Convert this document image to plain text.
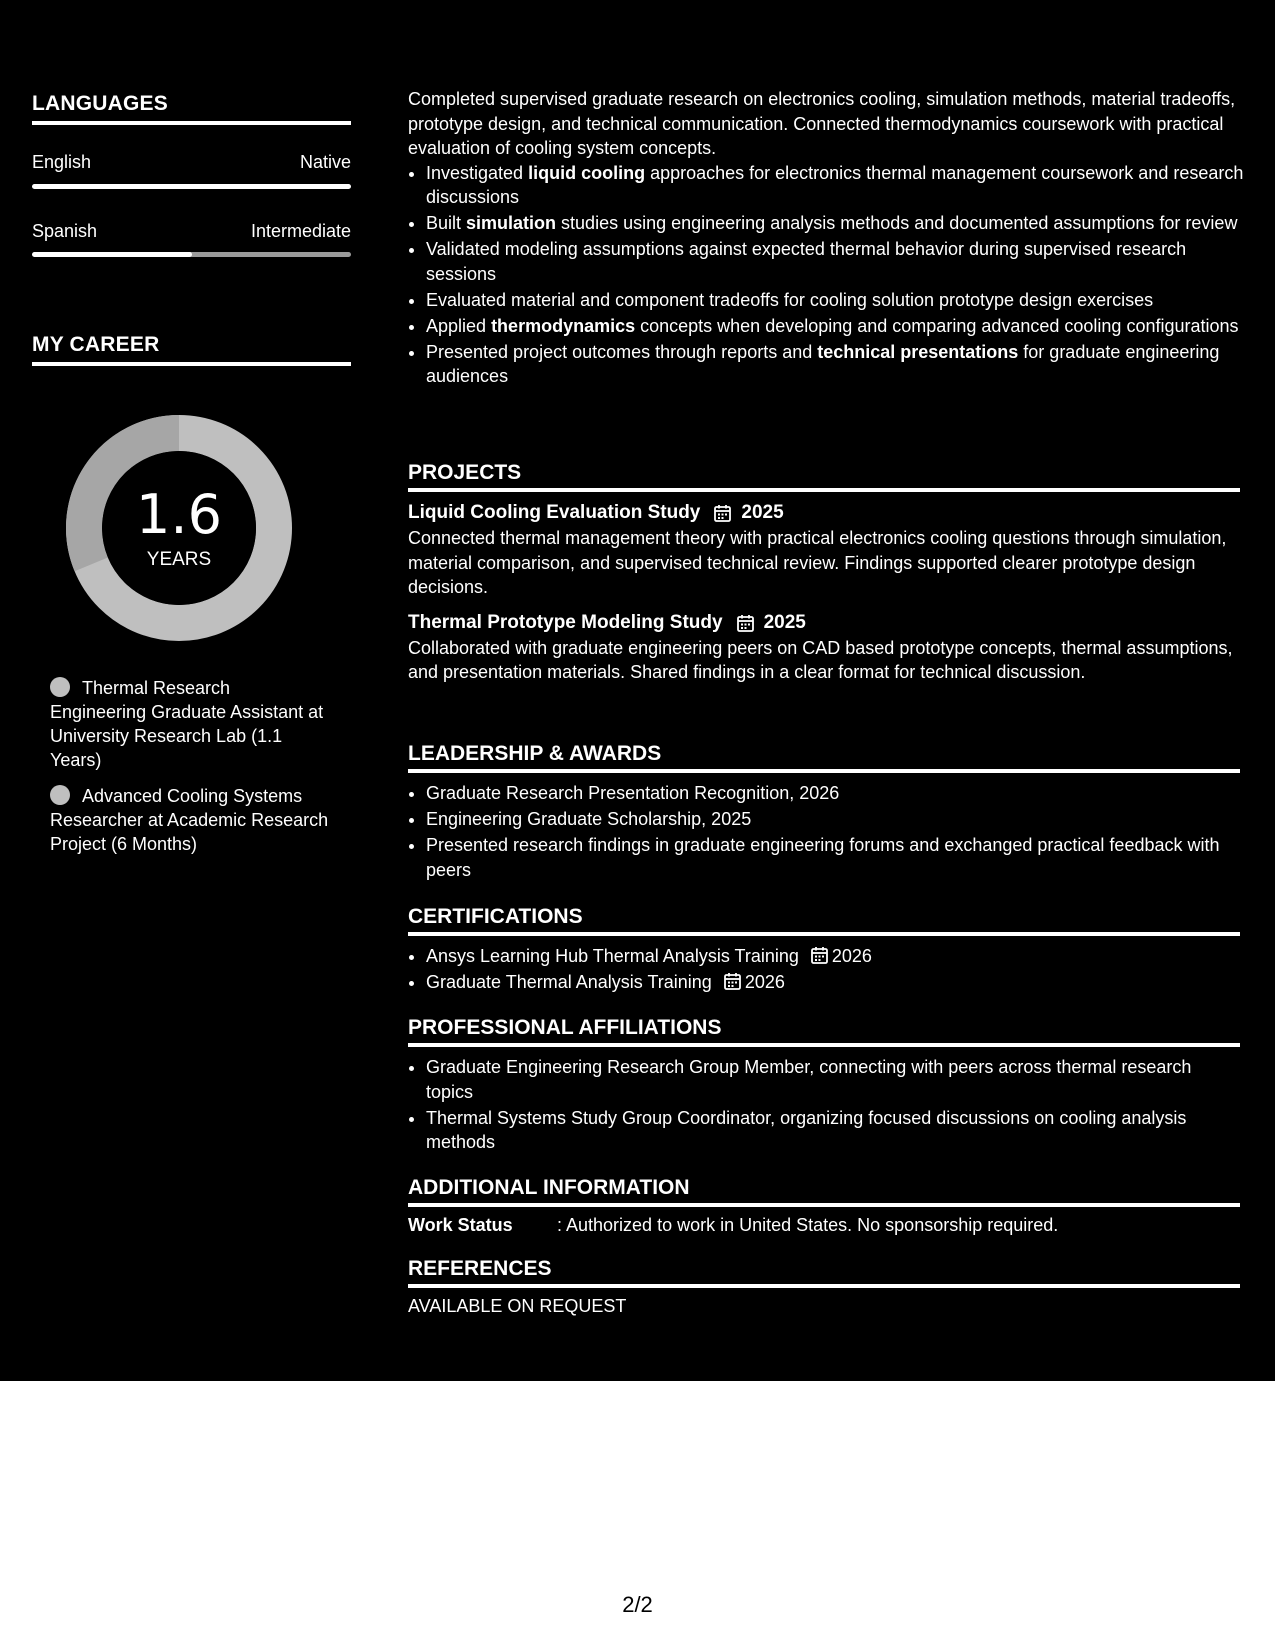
LANGUAGES
English	Native
Spanish	Intermediate
MY CAREER
1.6
YEARS
Thermal Research Engineering Graduate Assistant at University Research Lab (1.1 Years)
Advanced Cooling Systems Researcher at Academic Research Project (6 Months)

Completed supervised graduate research on electronics cooling, simulation methods, material tradeoffs, prototype design, and technical communication. Connected thermodynamics coursework with practical evaluation of cooling system concepts.

• Investigated liquid cooling approaches for electronics thermal management coursework and research discussions
• Built simulation studies using engineering analysis methods and documented assumptions for review
• Validated modeling assumptions against expected thermal behavior during supervised research sessions
• Evaluated material and component tradeoffs for cooling solution prototype design exercises
• Applied thermodynamics concepts when developing and comparing advanced cooling configurations
• Presented project outcomes through reports and technical presentations for graduate engineering audiences
PROJECTS
Liquid Cooling Evaluation Study 2025

Connected thermal management theory with practical electronics cooling questions through simulation, material comparison, and supervised technical review. Findings supported clearer prototype design decisions.

Thermal Prototype Modeling Study 2025

Collaborated with graduate engineering peers on CAD based prototype concepts, thermal assumptions, and presentation materials. Shared findings in a clear format for technical discussion.

LEADERSHIP & AWARDS
• Graduate Research Presentation Recognition, 2026
• Engineering Graduate Scholarship, 2025
• Presented research findings in graduate engineering forums and exchanged practical feedback with peers
CERTIFICATIONS
• Ansys Learning Hub Thermal Analysis Training 2026
• Graduate Thermal Analysis Training 2026
PROFESSIONAL AFFILIATIONS
• Graduate Engineering Research Group Member, connecting with peers across thermal research topics
• Thermal Systems Study Group Coordinator, organizing focused discussions on cooling analysis methods
ADDITIONAL INFORMATION
Work Status	: Authorized to work in United States. No sponsorship required.
REFERENCES
AVAILABLE ON REQUEST
2/2
